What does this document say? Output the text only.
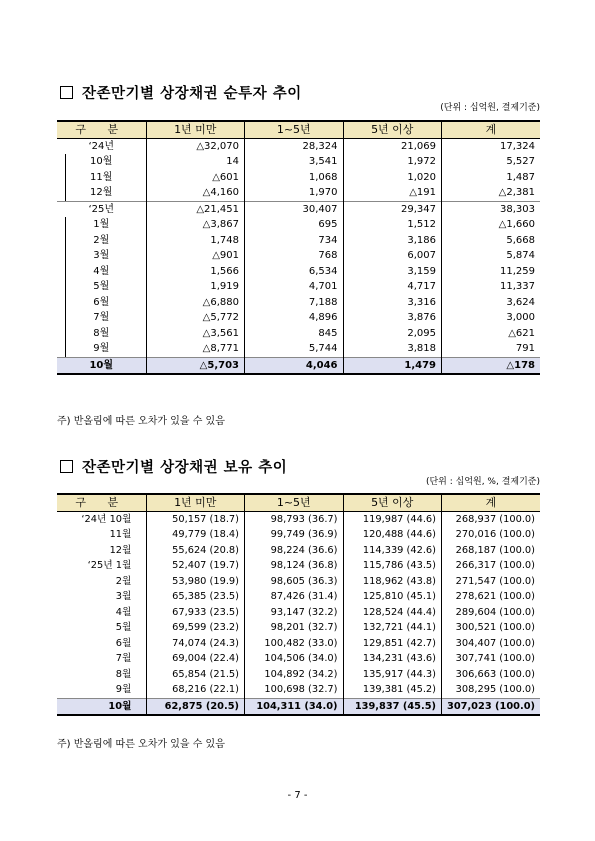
잔존만기별 상장채권 순투자 추이
(단위 : 십억원, 결제기준)
구 분	1년 미만	1~5년	5년 이상	계
‘24년	△32,070	28,324	21,069	17,324
10월	14	3,541	1,972	5,527
11월	△601	1,068	1,020	1,487
12월	△4,160	1,970	△191	△2,381
‘25년	△21,451	30,407	29,347	38,303
1월	△3,867	695	1,512	△1,660
2월	1,748	734	3,186	5,668
3월	△901	768	6,007	5,874
4월	1,566	6,534	3,159	11,259
5월	1,919	4,701	4,717	11,337
6월	△6,880	7,188	3,316	3,624
7월	△5,772	4,896	3,876	3,000
8월	△3,561	845	2,095	△621
9월	△8,771	5,744	3,818	791
10월	△5,703	4,046	1,479	△178
주) 반올림에 따른 오차가 있을 수 있음
잔존만기별 상장채권 보유 추이
(단위 : 십억원, %, 결제기준)
구 분	1년 미만	1~5년	5년 이상	계
‘24년 10월	50,157 (18.7)	98,793 (36.7)	119,987 (44.6)	268,937 (100.0)
11월	49,779 (18.4)	99,749 (36.9)	120,488 (44.6)	270,016 (100.0)
12월	55,624 (20.8)	98,224 (36.6)	114,339 (42.6)	268,187 (100.0)
‘25년 1월	52,407 (19.7)	98,124 (36.8)	115,786 (43.5)	266,317 (100.0)
2월	53,980 (19.9)	98,605 (36.3)	118,962 (43.8)	271,547 (100.0)
3월	65,385 (23.5)	87,426 (31.4)	125,810 (45.1)	278,621 (100.0)
4월	67,933 (23.5)	93,147 (32.2)	128,524 (44.4)	289,604 (100.0)
5월	69,599 (23.2)	98,201 (32.7)	132,721 (44.1)	300,521 (100.0)
6월	74,074 (24.3)	100,482 (33.0)	129,851 (42.7)	304,407 (100.0)
7월	69,004 (22.4)	104,506 (34.0)	134,231 (43.6)	307,741 (100.0)
8월	65,854 (21.5)	104,892 (34.2)	135,917 (44.3)	306,663 (100.0)
9월	68,216 (22.1)	100,698 (32.7)	139,381 (45.2)	308,295 (100.0)
10월	62,875 (20.5)	104,311 (34.0)	139,837 (45.5)	307,023 (100.0)
주) 반올림에 따른 오차가 있을 수 있음
- 7 -
